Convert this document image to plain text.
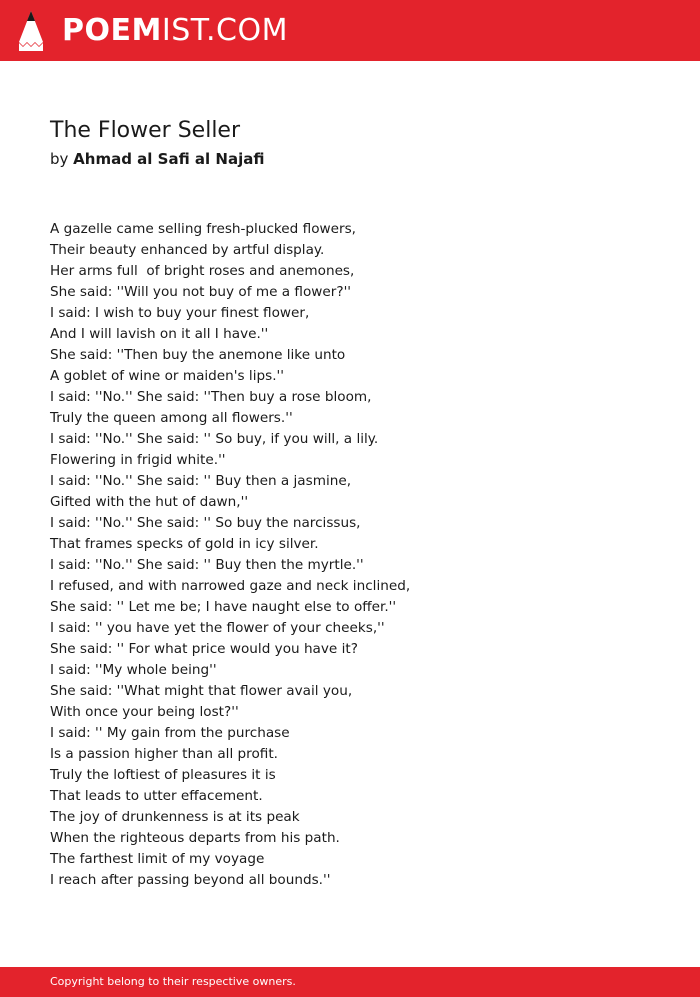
POEMIST.COM
The Flower Seller
by Ahmad al Safi al Najafi
A gazelle came selling fresh-plucked flowers,
Their beauty enhanced by artful display.
Her arms full  of bright roses and anemones,
She said: ''Will you not buy of me a flower?''
I said: I wish to buy your finest flower,
And I will lavish on it all I have.''
She said: ''Then buy the anemone like unto
A goblet of wine or maiden's lips.''
I said: ''No.'' She said: ''Then buy a rose bloom,
Truly the queen among all flowers.''
I said: ''No.'' She said: '' So buy, if you will, a lily.
Flowering in frigid white.''
I said: ''No.'' She said: '' Buy then a jasmine,
Gifted with the hut of dawn,''
I said: ''No.'' She said: '' So buy the narcissus,
That frames specks of gold in icy silver.
I said: ''No.'' She said: '' Buy then the myrtle.''
I refused, and with narrowed gaze and neck inclined,
She said: '' Let me be; I have naught else to offer.''
I said: '' you have yet the flower of your cheeks,''
She said: '' For what price would you have it?
I said: ''My whole being''
She said: ''What might that flower avail you,
With once your being lost?''
I said: '' My gain from the purchase
Is a passion higher than all profit.
Truly the loftiest of pleasures it is
That leads to utter effacement.
The joy of drunkenness is at its peak
When the righteous departs from his path.
The farthest limit of my voyage
I reach after passing beyond all bounds.''
Copyright belong to their respective owners.
